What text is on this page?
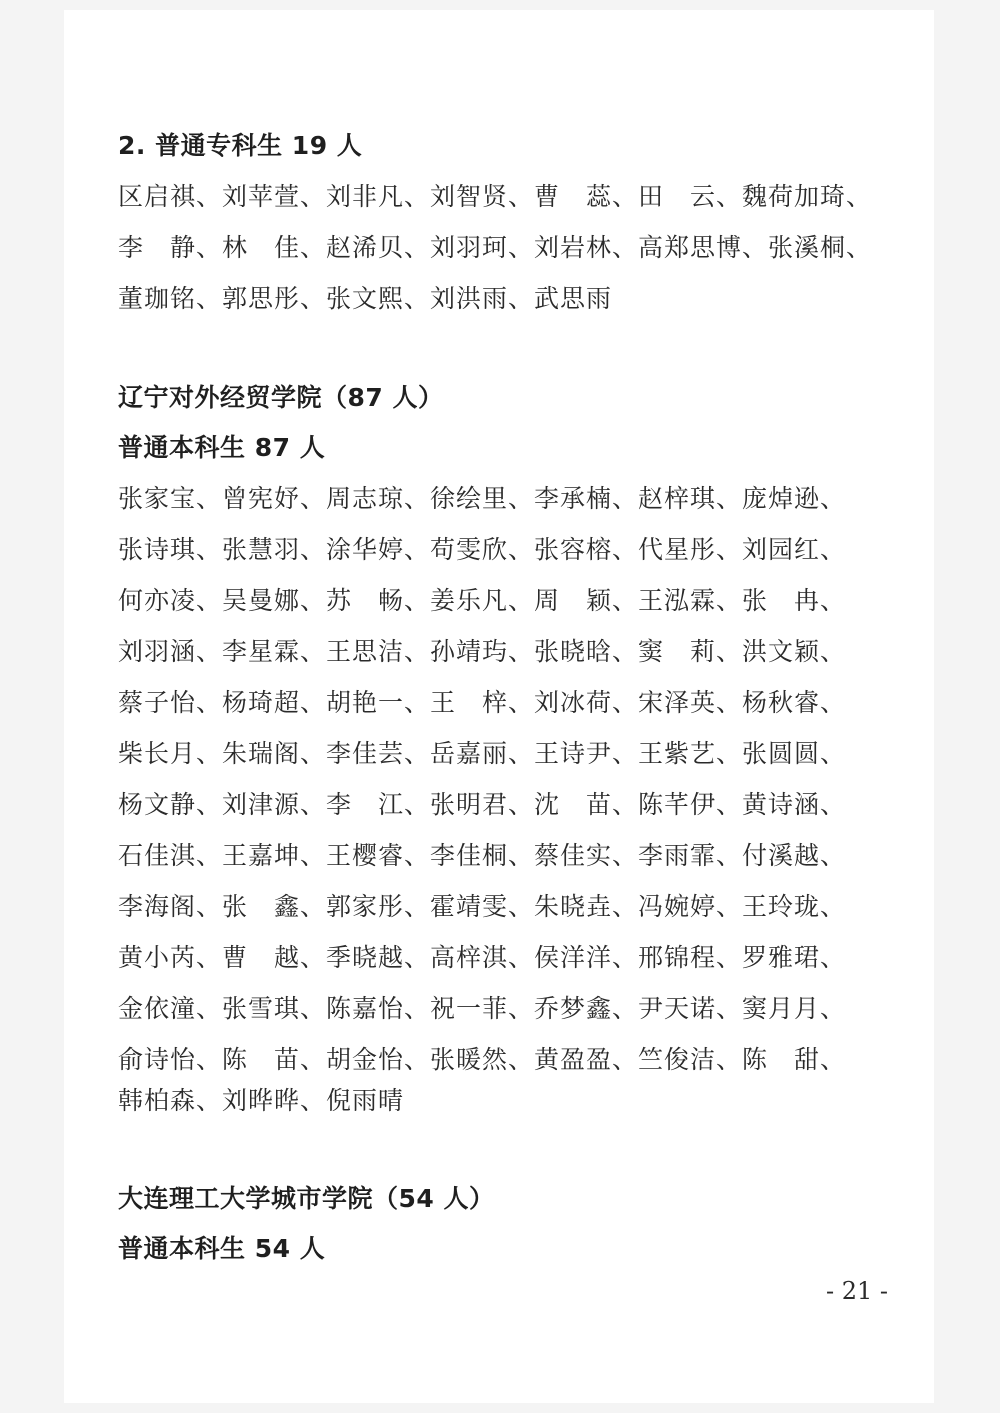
2. 普通专科生 19 人
区启祺、刘苹萱、刘非凡、刘智贤、曹　蕊、田　云、魏荷加琦、
李　静、林　佳、赵浠贝、刘羽珂、刘岩林、高郑思博、张溪桐、
董珈铭、郭思彤、张文熙、刘洪雨、武思雨
辽宁对外经贸学院（87 人）
普通本科生 87 人
张家宝、曾宪妤、周志琼、徐绘里、李承楠、赵梓琪、庞焯逊、
张诗琪、张慧羽、涂华婷、苟雯欣、张容榕、代星彤、刘园红、
何亦凌、吴曼娜、苏　畅、姜乐凡、周　颖、王泓霖、张　冉、
刘羽涵、李星霖、王思洁、孙靖玙、张晓晗、窦　莉、洪文颖、
蔡子怡、杨琦超、胡艳一、王　梓、刘冰荷、宋泽英、杨秋睿、
柴长月、朱瑞阁、李佳芸、岳嘉丽、王诗尹、王紫艺、张圆圆、
杨文静、刘津源、李　江、张明君、沈　苗、陈芊伊、黄诗涵、
石佳淇、王嘉坤、王樱睿、李佳桐、蔡佳实、李雨霏、付溪越、
李海阁、张　鑫、郭家彤、霍靖雯、朱晓垚、冯婉婷、王玲珑、
黄小芮、曹　越、季晓越、高梓淇、侯洋洋、邢锦程、罗雅珺、
金依潼、张雪琪、陈嘉怡、祝一菲、乔梦鑫、尹天诺、窦月月、
俞诗怡、陈　苗、胡金怡、张暖然、黄盈盈、竺俊洁、陈　甜、
韩柏森、刘晔晔、倪雨晴
大连理工大学城市学院（54 人）
普通本科生 54 人
- 21 -
